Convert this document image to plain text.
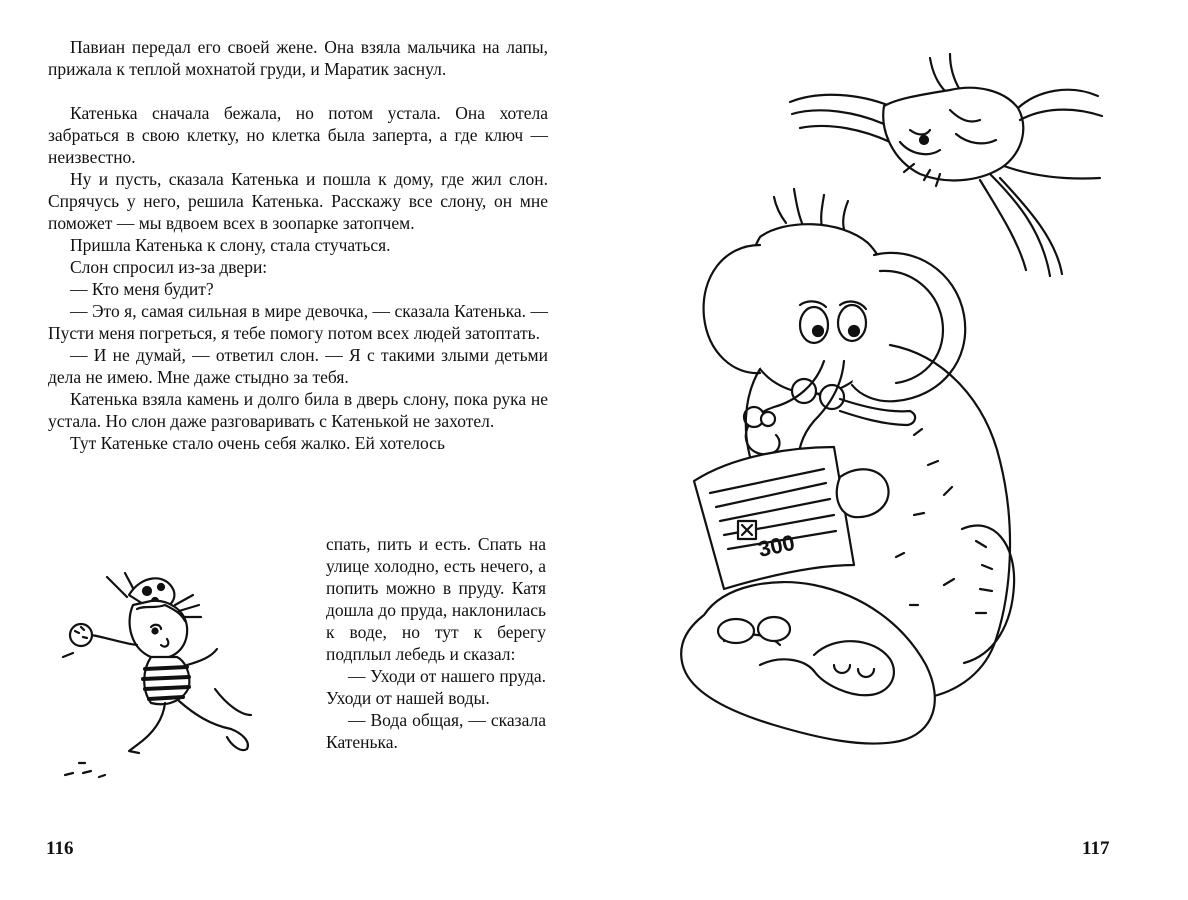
Павиан передал его своей жене. Она взяла мальчика на лапы, прижала к теплой мохнатой груди, и Маратик заснул.

Катенька сначала бежала, но потом устала. Она хотела забраться в свою клетку, но клетка была заперта, а где ключ — неизвестно.

Ну и пусть, сказала Катенька и пошла к дому, где жил слон. Спрячусь у него, решила Катенька. Расскажу все слону, он мне поможет — мы вдвоем всех в зоопарке затопчем.

Пришла Катенька к слону, стала стучаться.

Слон спросил из-за двери:

— Кто меня будит?

— Это я, самая сильная в мире девочка, — сказала Катенька. — Пусти меня погреться, я тебе помогу потом всех людей затоптать.

— И не думай, — ответил слон. — Я с такими злыми детьми дела не имею. Мне даже стыдно за тебя.

Катенька взяла камень и долго била в дверь слону, пока рука не устала. Но слон даже разговаривать с Катенькой не захотел.

Тут Катеньке стало очень себя жалко. Ей хотелось

спать, пить и есть. Спать на улице холодно, есть нечего, а попить можно в пруду. Катя дошла до пруда, наклонилась к воде, но тут к берегу подплыл лебедь и сказал:

— Уходи от нашего пруда. Уходи от нашей воды.

— Вода общая, — сказала Катенька.

116
300
117
